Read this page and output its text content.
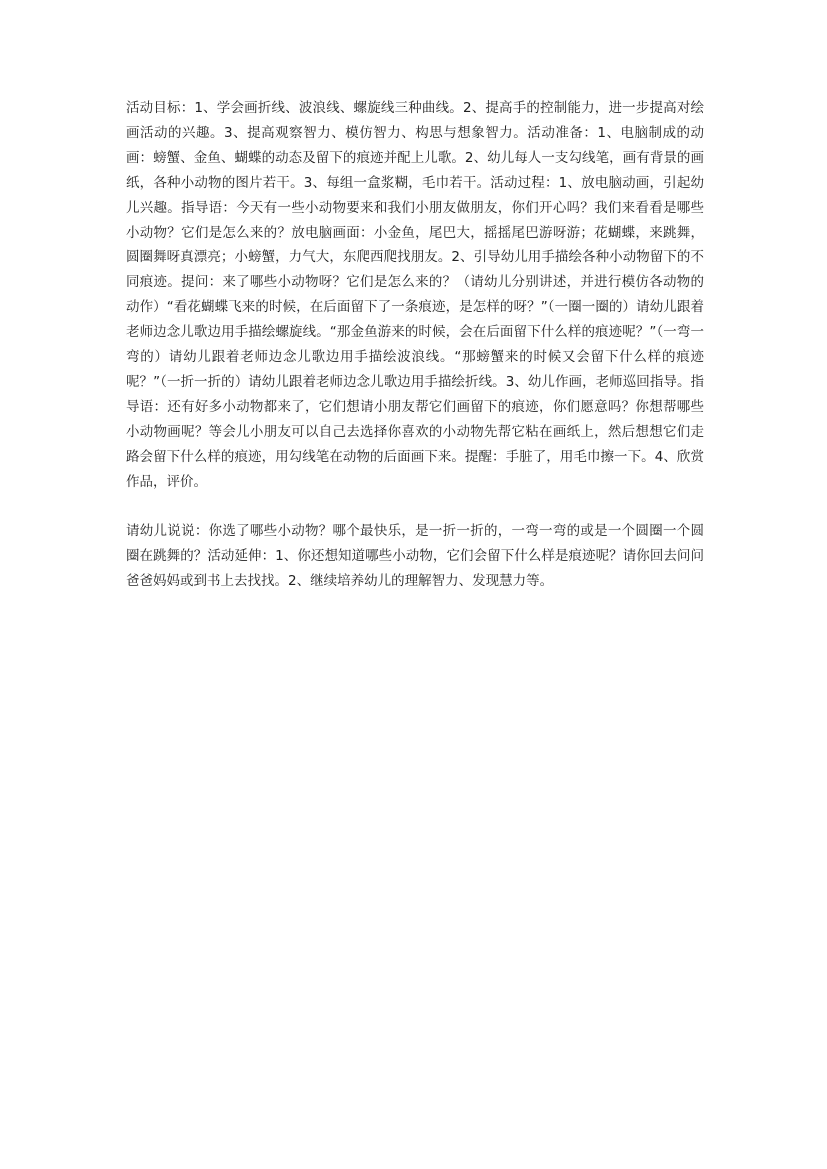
活动目标：1、学会画折线、波浪线、螺旋线三种曲线。2、提高手的控制能力，进一步提高对绘画活动的兴趣。3、提高观察智力、模仿智力、构思与想象智力。活动准备：1、电脑制成的动画：螃蟹、金鱼、蝴蝶的动态及留下的痕迹并配上儿歌。2、幼儿每人一支勾线笔，画有背景的画纸，各种小动物的图片若干。3、每组一盒浆糊，毛巾若干。活动过程：1、放电脑动画，引起幼儿兴趣。指导语：今天有一些小动物要来和我们小朋友做朋友，你们开心吗？我们来看看是哪些小动物？它们是怎么来的？放电脑画面：小金鱼，尾巴大，摇摇尾巴游呀游；花蝴蝶，来跳舞，圆圈舞呀真漂亮；小螃蟹，力气大，东爬西爬找朋友。2、引导幼儿用手描绘各种小动物留下的不同痕迹。提问：来了哪些小动物呀？它们是怎么来的？（请幼儿分别讲述，并进行模仿各动物的动作）“看花蝴蝶飞来的时候，在后面留下了一条痕迹，是怎样的呀？”（一圈一圈的）请幼儿跟着老师边念儿歌边用手描绘螺旋线。“那金鱼游来的时候，会在后面留下什么样的痕迹呢？”（一弯一弯的）请幼儿跟着老师边念儿歌边用手描绘波浪线。“那螃蟹来的时候又会留下什么样的痕迹呢？”（一折一折的）请幼儿跟着老师边念儿歌边用手描绘折线。3、幼儿作画，老师巡回指导。指导语：还有好多小动物都来了，它们想请小朋友帮它们画留下的痕迹，你们愿意吗？你想帮哪些小动物画呢？等会儿小朋友可以自己去选择你喜欢的小动物先帮它粘在画纸上，然后想想它们走路会留下什么样的痕迹，用勾线笔在动物的后面画下来。提醒：手脏了，用毛巾擦一下。4、欣赏作品，评价。

请幼儿说说：你选了哪些小动物？哪个最快乐，是一折一折的，一弯一弯的或是一个圆圈一个圆圈在跳舞的？活动延伸：1、你还想知道哪些小动物，它们会留下什么样是痕迹呢？请你回去问问爸爸妈妈或到书上去找找。2、继续培养幼儿的理解智力、发现慧力等。
